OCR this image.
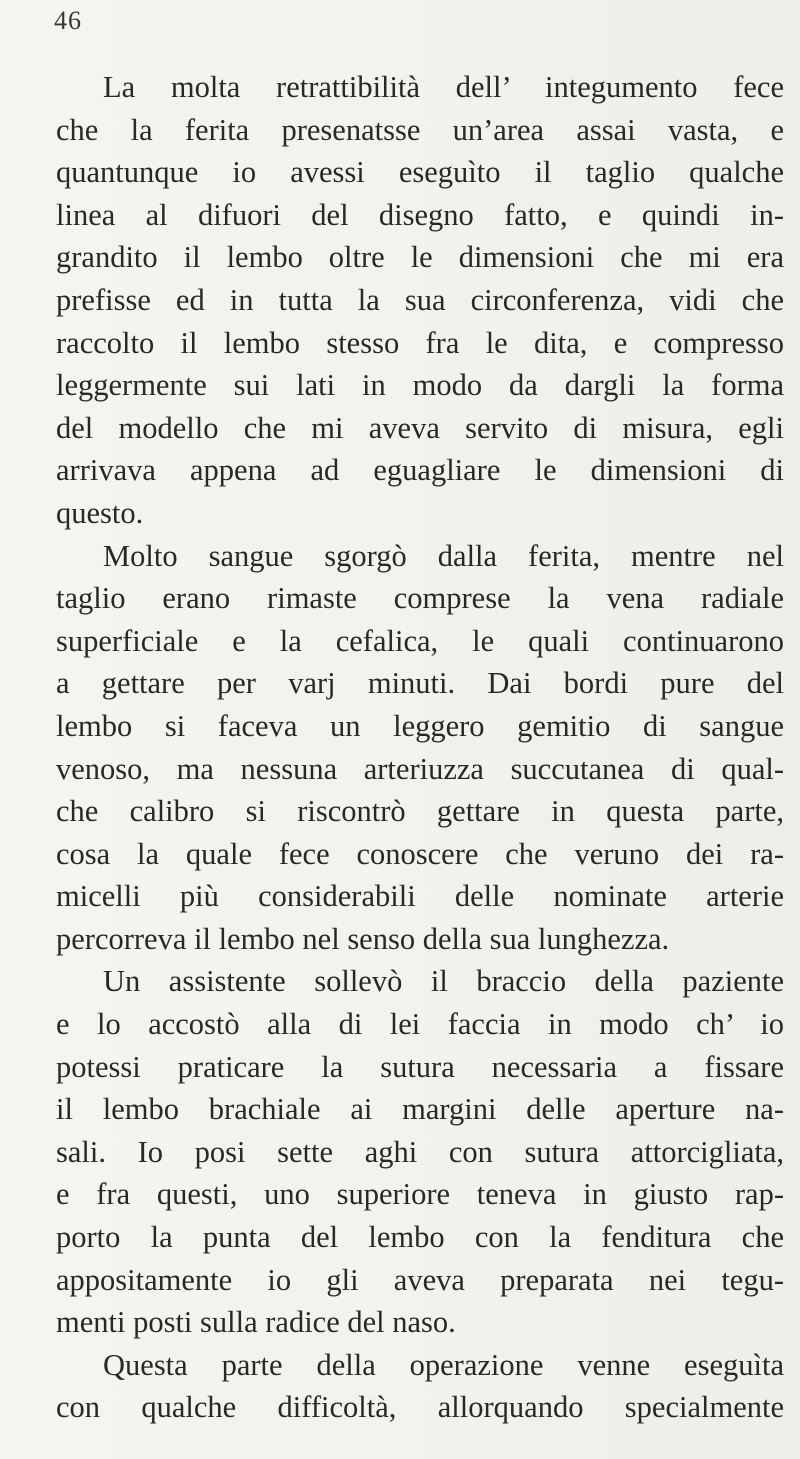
46
La molta retrattibilità dell’ integumento fece
che la ferita presenatsse un’area assai vasta, e
quantunque io avessi eseguìto il taglio qualche
linea al difuori del disegno fatto, e quindi in-
grandito il lembo oltre le dimensioni che mi era
prefisse ed in tutta la sua circonferenza, vidi che
raccolto il lembo stesso fra le dita, e compresso
leggermente sui lati in modo da dargli la forma
del modello che mi aveva servito di misura, egli
arrivava appena ad eguagliare le dimensioni di
questo.
Molto sangue sgorgò dalla ferita, mentre nel
taglio erano rimaste comprese la vena radiale
superficiale e la cefalica, le quali continuarono
a gettare per varj minuti. Dai bordi pure del
lembo si faceva un leggero gemitio di sangue
venoso, ma nessuna arteriuzza succutanea di qual-
che calibro si riscontrò gettare in questa parte,
cosa la quale fece conoscere che veruno dei ra-
micelli più considerabili delle nominate arterie
percorreva il lembo nel senso della sua lunghezza.
Un assistente sollevò il braccio della paziente
e lo accostò alla di lei faccia in modo ch’ io
potessi praticare la sutura necessaria a fissare
il lembo brachiale ai margini delle aperture na-
sali. Io posi sette aghi con sutura attorcigliata,
e fra questi, uno superiore teneva in giusto rap-
porto la punta del lembo con la fenditura che
appositamente io gli aveva preparata nei tegu-
menti posti sulla radice del naso.
Questa parte della operazione venne eseguìta
con qualche difficoltà, allorquando specialmente
